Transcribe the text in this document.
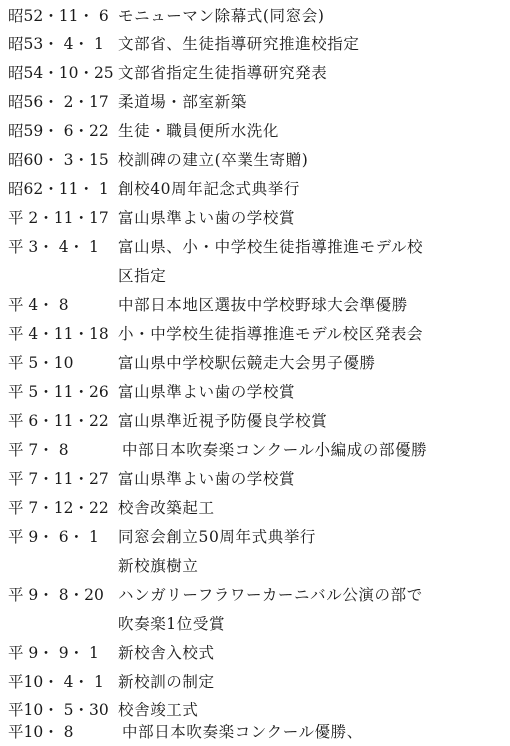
昭52・11・ 6 モニューマン除幕式(同窓会)
昭53・ 4・ 1 文部省、生徒指導研究推進校指定
昭54・10・25 文部省指定生徒指導研究発表
昭56・ 2・17 柔道場・部室新築
昭59・ 6・22 生徒・職員便所水洗化
昭60・ 3・15 校訓碑の建立(卒業生寄贈)
昭62・11・ 1 創校40周年記念式典挙行
平 2・11・17 富山県準よい歯の学校賞
平 3・ 4・ 1	富山県、小・中学校生徒指導推進モデル校
区指定
平 4・ 8	中部日本地区選抜中学校野球大会準優勝
平 4・11・18 小・中学校生徒指導推進モデル校区発表会
平 5・10	富山県中学校駅伝競走大会男子優勝
平 5・11・26 富山県準よい歯の学校賞
平 6・11・22 富山県準近視予防優良学校賞
平 7・ 8	中部日本吹奏楽コンクール小編成の部優勝
平 7・11・27 富山県準よい歯の学校賞
平 7・12・22 校舎改築起工
平 9・ 6・ 1	同窓会創立50周年式典挙行
新校旗樹立
平 9・ 8・20 ハンガリーフラワーカーニバル公演の部で
吹奏楽1位受賞
平 9・ 9・ 1	新校舎入校式
平10・ 4・ 1 新校訓の制定
平10・ 5・30 校舎竣工式
平10・ 8	中部日本吹奏楽コンクール優勝、
